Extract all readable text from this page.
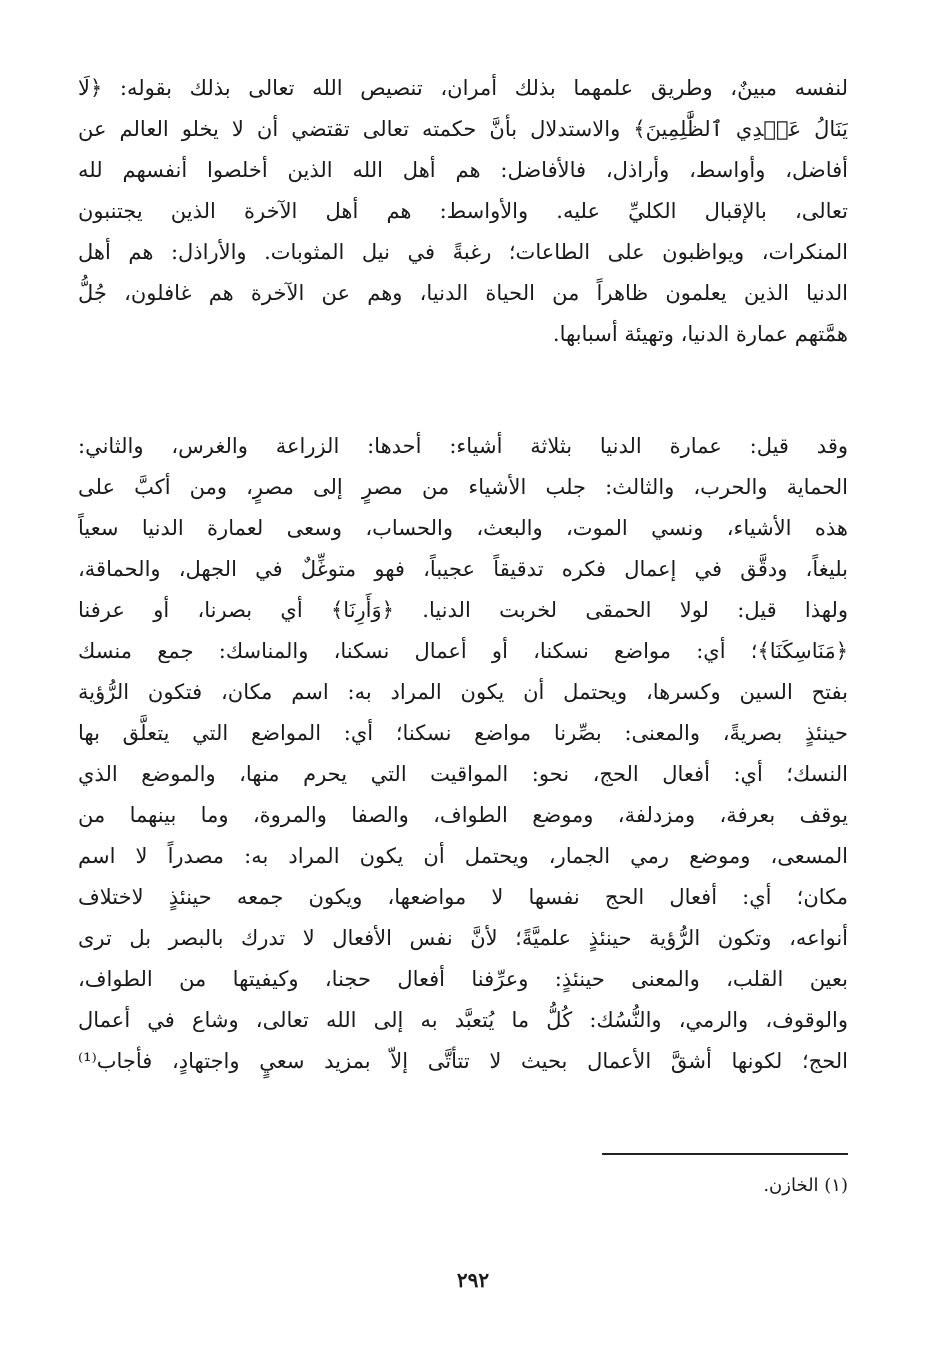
لنفسه مبينٌ، وطريق علمهما بذلك أمران، تنصيص الله تعالى بذلك بقوله: ﴿لَا
يَنَالُ عَهۡدِي ٱلظَّٰلِمِينَ﴾ والاستدلال بأنَّ حكمته تعالى تقتضي أن لا يخلو العالم عن
أفاضل، وأواسط، وأراذل، فالأفاضل: هم أهل الله الذين أخلصوا أنفسهم لله
تعالى، بالإقبال الكليِّ عليه. والأواسط: هم أهل الآخرة الذين يجتنبون
المنكرات، ويواظبون على الطاعات؛ رغبةً في نيل المثوبات. والأراذل: هم أهل
الدنيا الذين يعلمون ظاهراً من الحياة الدنيا، وهم عن الآخرة هم غافلون، جُلُّ
همَّتهم عمارة الدنيا، وتهيئة أسبابها.
وقد قيل: عمارة الدنيا بثلاثة أشياء: أحدها: الزراعة والغرس، والثاني:
الحماية والحرب، والثالث: جلب الأشياء من مصرٍ إلى مصرٍ، ومن أكبَّ على
هذه الأشياء، ونسي الموت، والبعث، والحساب، وسعى لعمارة الدنيا سعياً
بليغاً، ودقَّق في إعمال فكره تدقيقاً عجيباً، فهو متوغِّلٌ في الجهل، والحماقة،
ولهذا قيل: لولا الحمقى لخربت الدنيا. ﴿وَأَرِنَا﴾ أي بصرنا، أو عرفنا
﴿مَنَاسِكَنَا﴾؛ أي: مواضع نسكنا، أو أعمال نسكنا، والمناسك: جمع منسك
بفتح السين وكسرها، ويحتمل أن يكون المراد به: اسم مكان، فتكون الرُّؤية
حينئذٍ بصريةً، والمعنى: بصِّرنا مواضع نسكنا؛ أي: المواضع التي يتعلَّق بها
النسك؛ أي: أفعال الحج، نحو: المواقيت التي يحرم منها، والموضع الذي
يوقف بعرفة، ومزدلفة، وموضع الطواف، والصفا والمروة، وما بينهما من
المسعى، وموضع رمي الجمار، ويحتمل أن يكون المراد به: مصدراً لا اسم
مكان؛ أي: أفعال الحج نفسها لا مواضعها، ويكون جمعه حينئذٍ لاختلاف
أنواعه، وتكون الرُّؤية حينئذٍ علميَّةً؛ لأنَّ نفس الأفعال لا تدرك بالبصر بل ترى
بعين القلب، والمعنى حينئذٍ: وعرِّفنا أفعال حجنا، وكيفيتها من الطواف،
والوقوف، والرمي، والنُّسُك: كُلُّ ما يُتعبَّد به إلى الله تعالى، وشاع في أعمال
الحج؛ لكونها أشقَّ الأعمال بحيث لا تتأتَّى إلاّ بمزيد سعيٍ واجتهادٍ، فأجاب⁽¹⁾
(١) الخازن.
٢٩٢
